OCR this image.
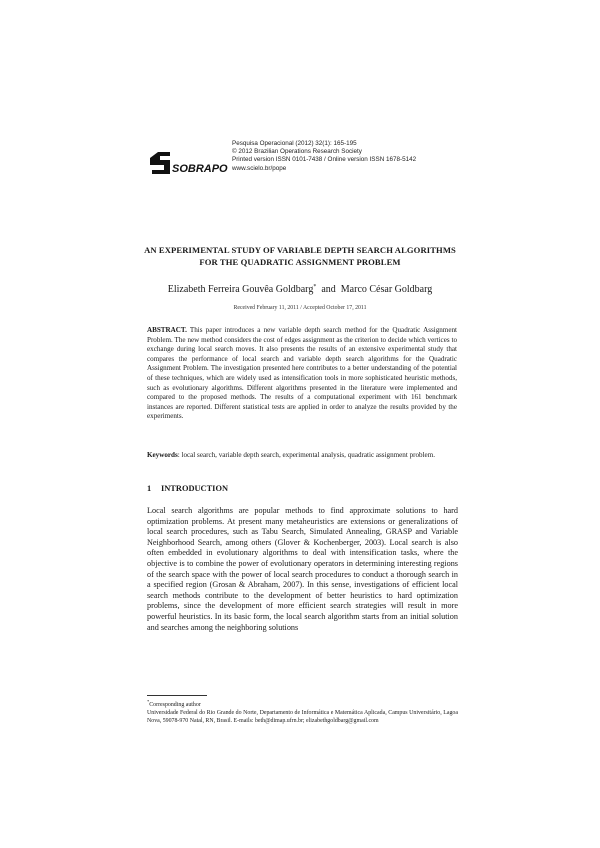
SOBRAPO
Pesquisa Operacional (2012) 32(1): 165-195
© 2012 Brazilian Operations Research Society
Printed version ISSN 0101-7438 / Online version ISSN 1678-5142
www.scielo.br/pope
AN EXPERIMENTAL STUDY OF VARIABLE DEPTH SEARCH ALGORITHMS
FOR THE QUADRATIC ASSIGNMENT PROBLEM
Elizabeth Ferreira Gouvêa Goldbarg* and Marco César Goldbarg
Received February 11, 2011 / Accepted October 17, 2011
ABSTRACT. This paper introduces a new variable depth search method for the Quadratic Assignment Problem. The new method considers the cost of edges assignment as the criterion to decide which vertices to exchange during local search moves. It also presents the results of an extensive experimental study that compares the performance of local search and variable depth search algorithms for the Quadratic Assignment Problem. The investigation presented here contributes to a better understanding of the potential of these techniques, which are widely used as intensification tools in more sophisticated heuristic methods, such as evolutionary algorithms. Different algorithms presented in the literature were implemented and compared to the proposed methods. The results of a computational experiment with 161 benchmark instances are reported. Different statistical tests are applied in order to analyze the results provided by the experiments.
Keywords: local search, variable depth search, experimental analysis, quadratic assignment problem.
1 INTRODUCTION
Local search algorithms are popular methods to find approximate solutions to hard optimization problems. At present many metaheuristics are extensions or generalizations of local search procedures, such as Tabu Search, Simulated Annealing, GRASP and Variable Neighborhood Search, among others (Glover & Kochenberger, 2003). Local search is also often embedded in evolutionary algorithms to deal with intensification tasks, where the objective is to combine the power of evolutionary operators in determining interesting regions of the search space with the power of local search procedures to conduct a thorough search in a specified region (Grosan & Abraham, 2007). In this sense, investigations of efficient local search methods contribute to the development of better heuristics to hard optimization problems, since the development of more efficient search strategies will result in more powerful heuristics. In its basic form, the local search algorithm starts from an initial solution and searches among the neighboring solutions
*Corresponding author
Universidade Federal do Rio Grande do Norte, Departamento de Informática e Matemática Aplicada, Campus Universitário, Lagoa Nova, 59078-970 Natal, RN, Brasil. E-mails: beth@dimap.ufrn.br; elizabethgoldbarg@gmail.com
